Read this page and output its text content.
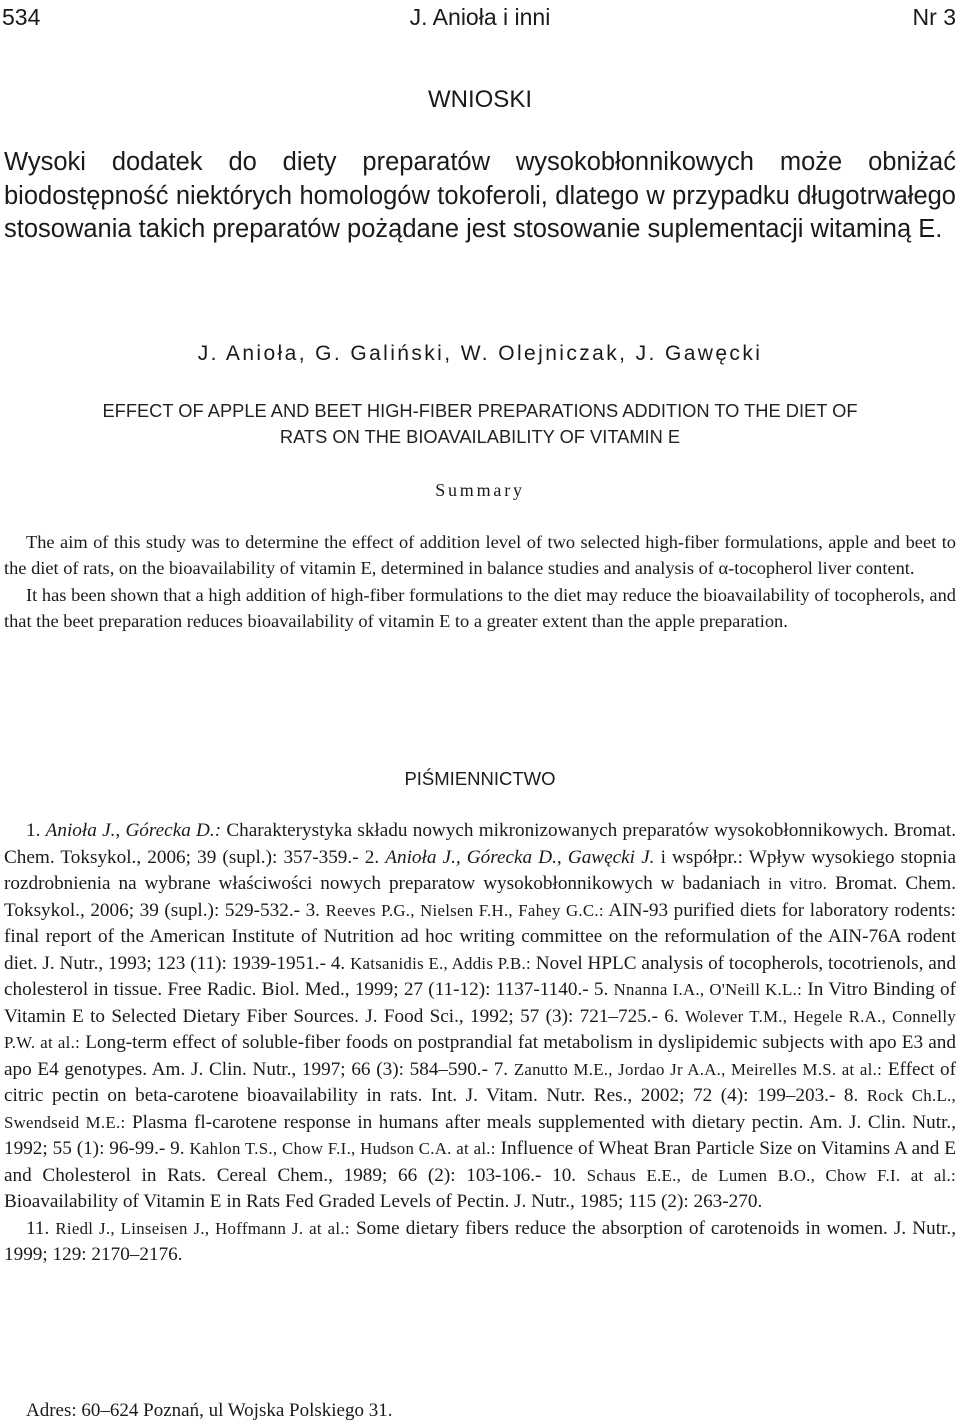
534	J. Anioła i inni	Nr 3
WNIOSKI
Wysoki dodatek do diety preparatów wysokobłonnikowych może obniżać biodostępność niektórych homologów tokoferoli, dlatego w przypadku długotrwałego stosowania takich preparatów pożądane jest stosowanie suplementacji witaminą E.
J. Anioła, G. Galiński, W. Olejniczak, J. Gawęcki
EFFECT OF APPLE AND BEET HIGH-FIBER PREPARATIONS ADDITION TO THE DIET OF
RATS ON THE BIOAVAILABILITY OF VITAMIN E
Summary

The aim of this study was to determine the effect of addition level of two selected high-fiber formulations, apple and beet to the diet of rats, on the bioavailability of vitamin E, determined in balance studies and analysis of α-tocopherol liver content.

It has been shown that a high addition of high-fiber formulations to the diet may reduce the bioavailability of tocopherols, and that the beet preparation reduces bioavailability of vitamin E to a greater extent than the apple preparation.

PIŚMIENNICTWO

1. Anioła J., Górecka D.: Charakterystyka składu nowych mikronizowanych preparatów wysokobłonnikowych. Bromat. Chem. Toksykol., 2006; 39 (supl.): 357-359.- 2. Anioła J., Górecka D., Gawęcki J. i współpr.: Wpływ wysokiego stopnia rozdrobnienia na wybrane właściwości nowych preparatow wysokobłonnikowych w badaniach in vitro. Bromat. Chem. Toksykol., 2006; 39 (supl.): 529-532.- 3. Reeves P.G., Nielsen F.H., Fahey G.C.: AIN-93 purified diets for laboratory rodents: final report of the American Institute of Nutrition ad hoc writing committee on the reformulation of the AIN-76A rodent diet. J. Nutr., 1993; 123 (11): 1939-1951.- 4. Katsanidis E., Addis P.B.: Novel HPLC analysis of tocopherols, tocotrienols, and cholesterol in tissue. Free Radic. Biol. Med., 1999; 27 (11-12): 1137-1140.- 5. Nnanna I.A., O'Neill K.L.: In Vitro Binding of Vitamin E to Selected Dietary Fiber Sources. J. Food Sci., 1992; 57 (3): 721–725.- 6. Wolever T.M., Hegele R.A., Connelly P.W. at al.: Long-term effect of soluble-fiber foods on postprandial fat metabolism in dyslipidemic subjects with apo E3 and apo E4 genotypes. Am. J. Clin. Nutr., 1997; 66 (3): 584–590.- 7. Zanutto M.E., Jordao Jr A.A., Meirelles M.S. at al.: Effect of citric pectin on beta-carotene bioavailability in rats. Int. J. Vitam. Nutr. Res., 2002; 72 (4): 199–203.- 8. Rock Ch.L., Swendseid M.E.: Plasma fl-carotene response in humans after meals supplemented with dietary pectin. Am. J. Clin. Nutr., 1992; 55 (1): 96-99.- 9. Kahlon T.S., Chow F.I., Hudson C.A. at al.: Influence of Wheat Bran Particle Size on Vitamins A and E and Cholesterol in Rats. Cereal Chem., 1989; 66 (2): 103-106.- 10. Schaus E.E., de Lumen B.O., Chow F.I. at al.: Bioavailability of Vitamin E in Rats Fed Graded Levels of Pectin. J. Nutr., 1985; 115 (2): 263-270.

11. Riedl J., Linseisen J., Hoffmann J. at al.: Some dietary fibers reduce the absorption of carotenoids in women. J. Nutr., 1999; 129: 2170–2176.

Adres: 60–624 Poznań, ul Wojska Polskiego 31.
